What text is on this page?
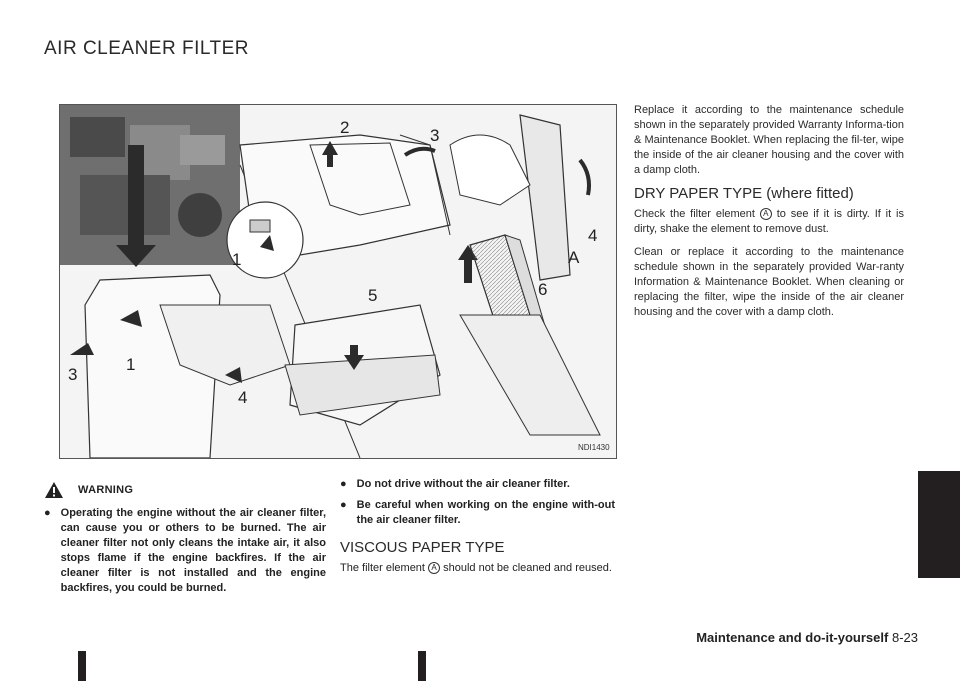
AIR CLEANER FILTER
1
2	3
4
1
3
4
5	6
A
NDI1430

Replace it according to the maintenance schedule shown in the separately provided Warranty Informa-tion & Maintenance Booklet. When replacing the fil-ter, wipe the inside of the air cleaner housing and the cover with a damp cloth.

DRY PAPER TYPE (where fitted)

Check the filter element A to see if it is dirty. If it is dirty, shake the element to remove dust.

Clean or replace it according to the maintenance schedule shown in the separately provided War-ranty Information & Maintenance Booklet. When cleaning or replacing the filter, wipe the inside of the air cleaner housing and the cover with a damp cloth.

WARNING
● Operating the engine without the air cleaner filter, can cause you or others to be burned. The air cleaner filter not only cleans the intake air, it also stops flame if the engine backfires. If the air cleaner filter is not installed and the engine backfires, you could be burned.
● Do not drive without the air cleaner filter.
● Be careful when working on the engine with-out the air cleaner filter.
VISCOUS PAPER TYPE

The filter element A should not be cleaned and reused.

Maintenance and do-it-yourself 8-23
